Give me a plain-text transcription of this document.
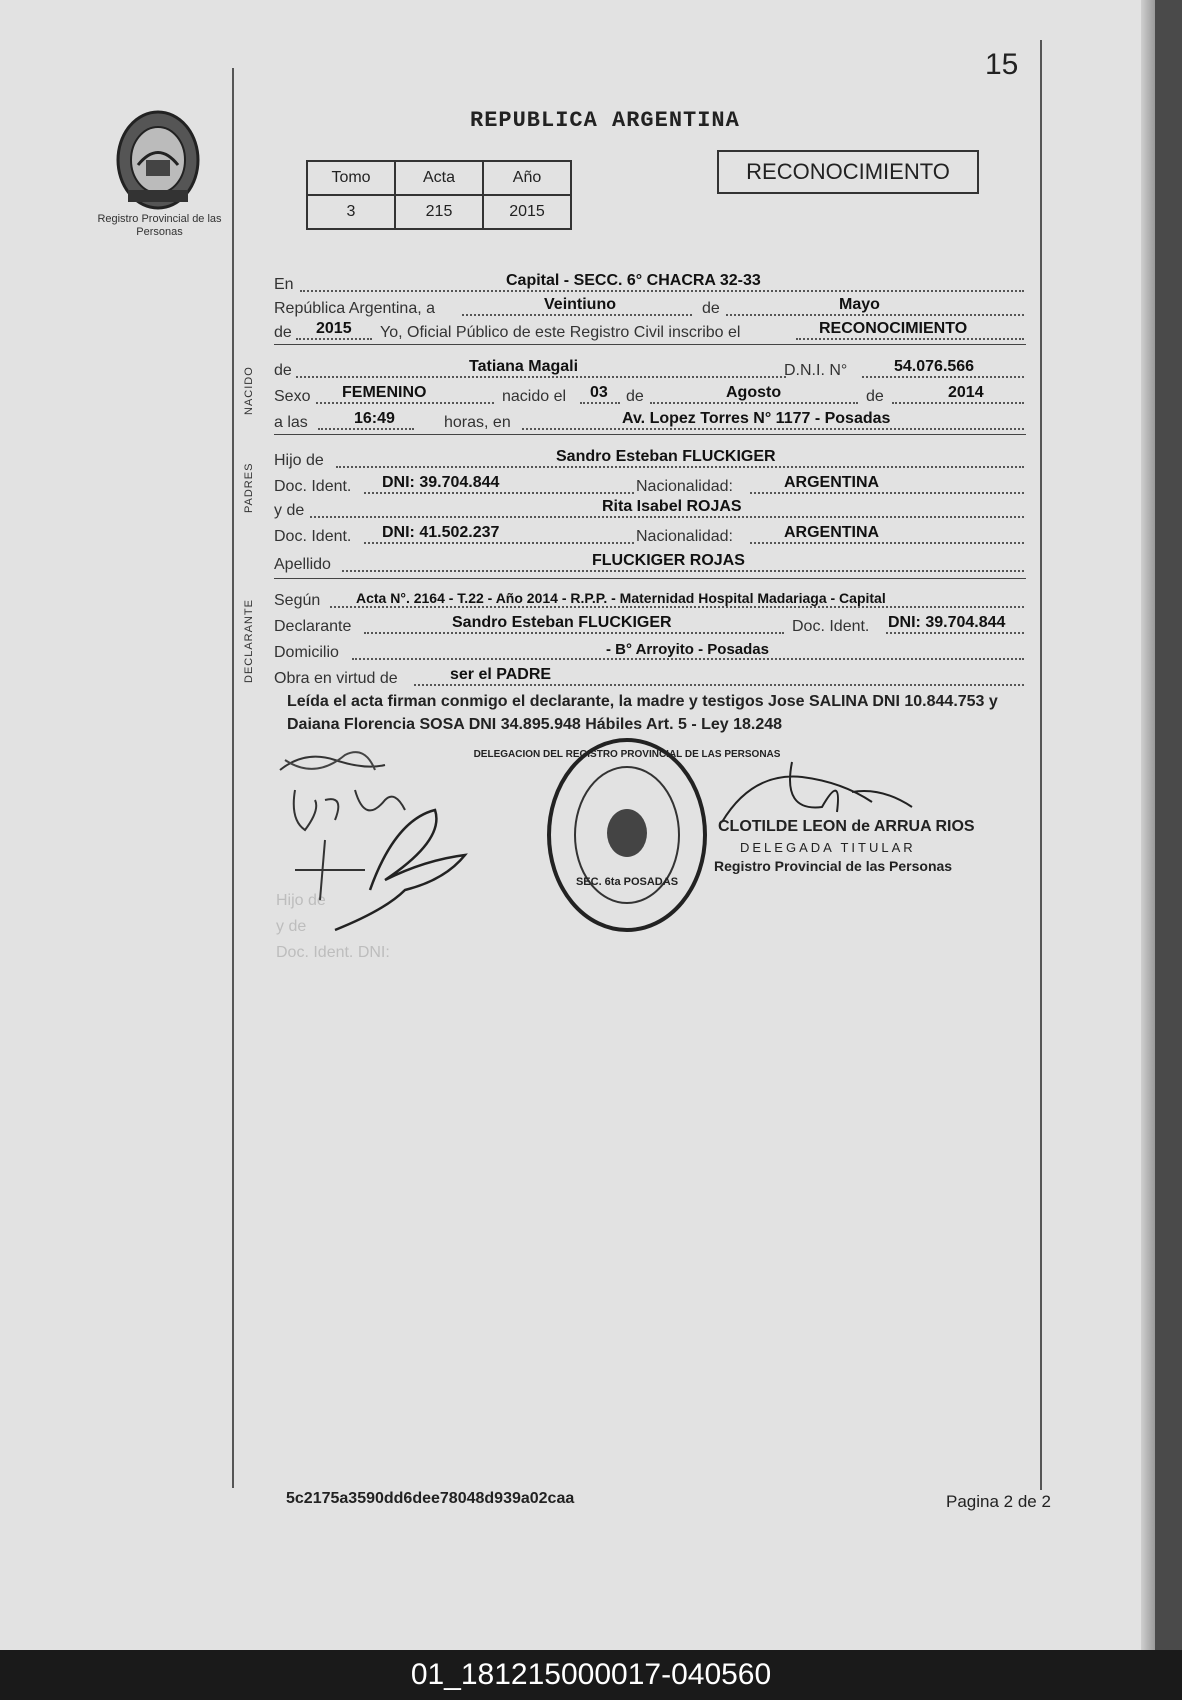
15
Registro Provincial de las Personas
REPUBLICA ARGENTINA
Tomo	Acta	Año
3	215	2015
RECONOCIMIENTO
NACIDO
PADRES
DECLARANTE
En	Capital - SECC. 6° CHACRA 32-33
República Argentina, a	Veintiuno	de	Mayo
de 2015 Yo, Oficial Público de este Registro Civil inscribo el	RECONOCIMIENTO
de	Tatiana Magali	D.N.I. N°	54.076.566
Sexo FEMENINO	nacido el 03 de	Agosto	de	2014
a las	16:49	horas, en	Av. Lopez Torres N° 1177 - Posadas
Hijo de	Sandro Esteban FLUCKIGER
Doc. Ident. DNI: 39.704.844	Nacionalidad:	ARGENTINA
y de	Rita Isabel ROJAS
Doc. Ident. DNI: 41.502.237	Nacionalidad:	ARGENTINA
Apellido	FLUCKIGER ROJAS
Según	Acta N°. 2164 - T.22 - Año 2014 - R.P.P. - Maternidad Hospital Madariaga - Capital
Declarante	Sandro Esteban FLUCKIGER	Doc. Ident. DNI: 39.704.844
Domicilio	- B° Arroyito - Posadas
Obra en virtud de	ser el PADRE
Leída el acta firman conmigo el declarante, la madre y testigos Jose SALINA DNI 10.844.753 y Daiana Florencia SOSA DNI 34.895.948 Hábiles Art. 5 - Ley 18.248
Hijo de
y de
Doc. Ident. DNI:
DELEGACION DEL REGISTRO PROVINCIAL DE LAS PERSONAS
SEC. 6ta POSADAS
CLOTILDE LEON de ARRUA RIOS
DELEGADA TITULAR
Registro Provincial de las Personas
5c2175a3590dd6dee78048d939a02caa	Pagina 2 de 2
01_181215000017-040560
